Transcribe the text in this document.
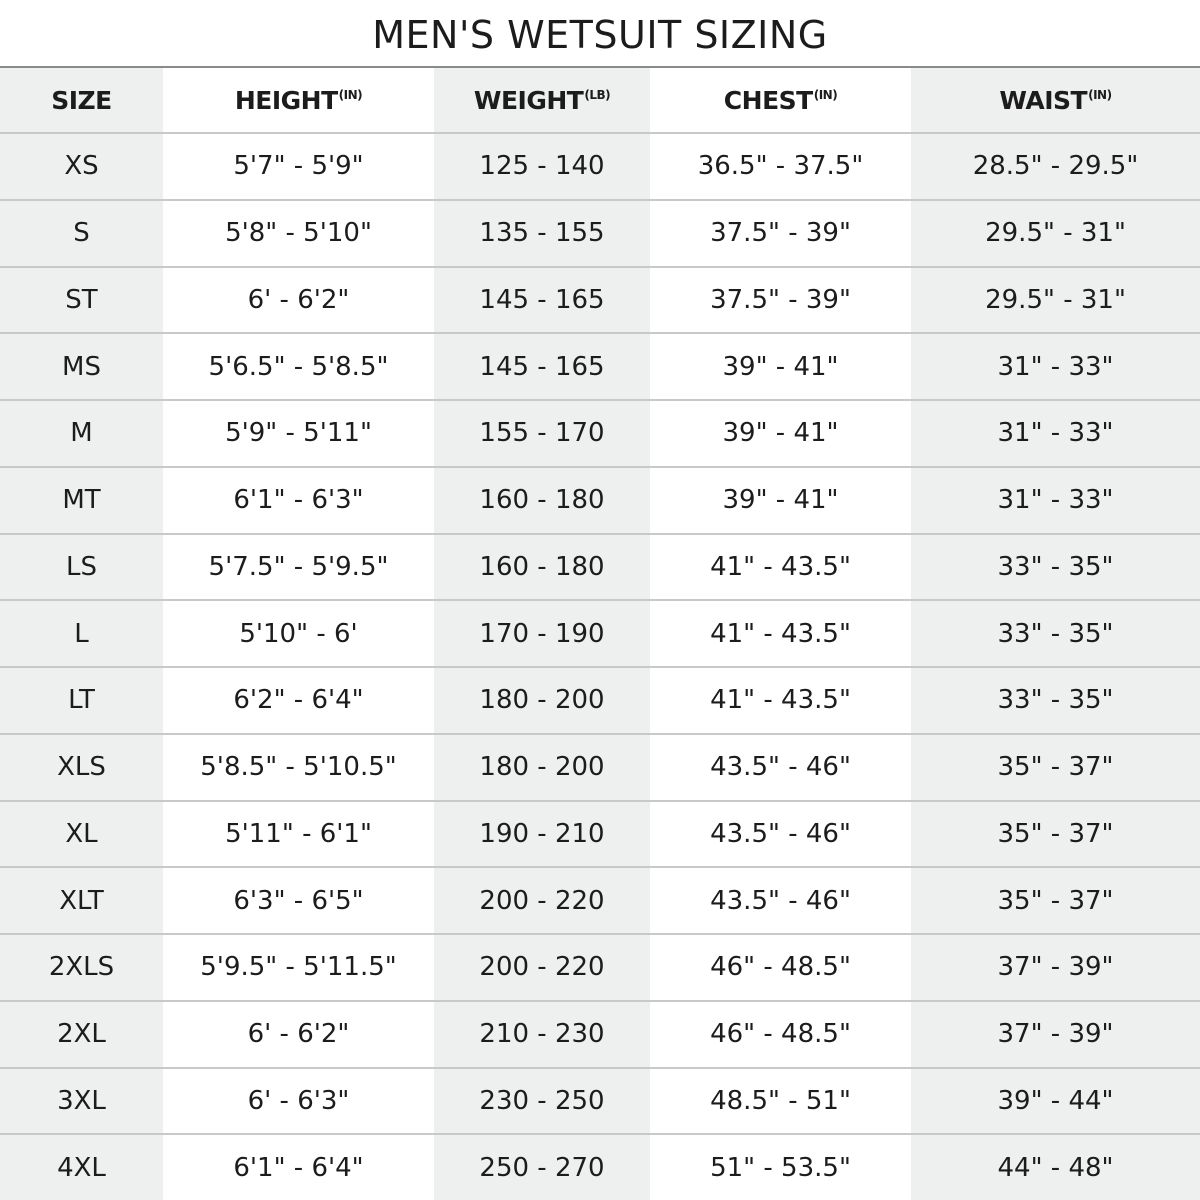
MEN'S WETSUIT SIZING
SIZE	$HEIGHT^{(IN)}$	$WEIGHT^{(LB)}$	$CHEST^{(IN)}$	$WAIST^{(IN)}$
XS	5'7" - 5'9"	125 - 140	36.5" - 37.5"	28.5" - 29.5"
S	5'8" - 5'10"	135 - 155	37.5" - 39"	29.5" - 31"
ST	6' - 6'2"	145 - 165	37.5" - 39"	29.5" - 31"
MS	5'6.5" - 5'8.5"	145 - 165	39" - 41"	31" - 33"
M	5'9" - 5'11"	155 - 170	39" - 41"	31" - 33"
MT	6'1" - 6'3"	160 - 180	39" - 41"	31" - 33"
LS	5'7.5" - 5'9.5"	160 - 180	41" - 43.5"	33" - 35"
L	5'10" - 6'	170 - 190	41" - 43.5"	33" - 35"
LT	6'2" - 6'4"	180 - 200	41" - 43.5"	33" - 35"
XLS	5'8.5" - 5'10.5"	180 - 200	43.5" - 46"	35" - 37"
XL	5'11" - 6'1"	190 - 210	43.5" - 46"	35" - 37"
XLT	6'3" - 6'5"	200 - 220	43.5" - 46"	35" - 37"
2XLS	5'9.5" - 5'11.5"	200 - 220	46" - 48.5"	37" - 39"
2XL	6' - 6'2"	210 - 230	46" - 48.5"	37" - 39"
3XL	6' - 6'3"	230 - 250	48.5" - 51"	39" - 44"
4XL	6'1" - 6'4"	250 - 270	51" - 53.5"	44" - 48"
